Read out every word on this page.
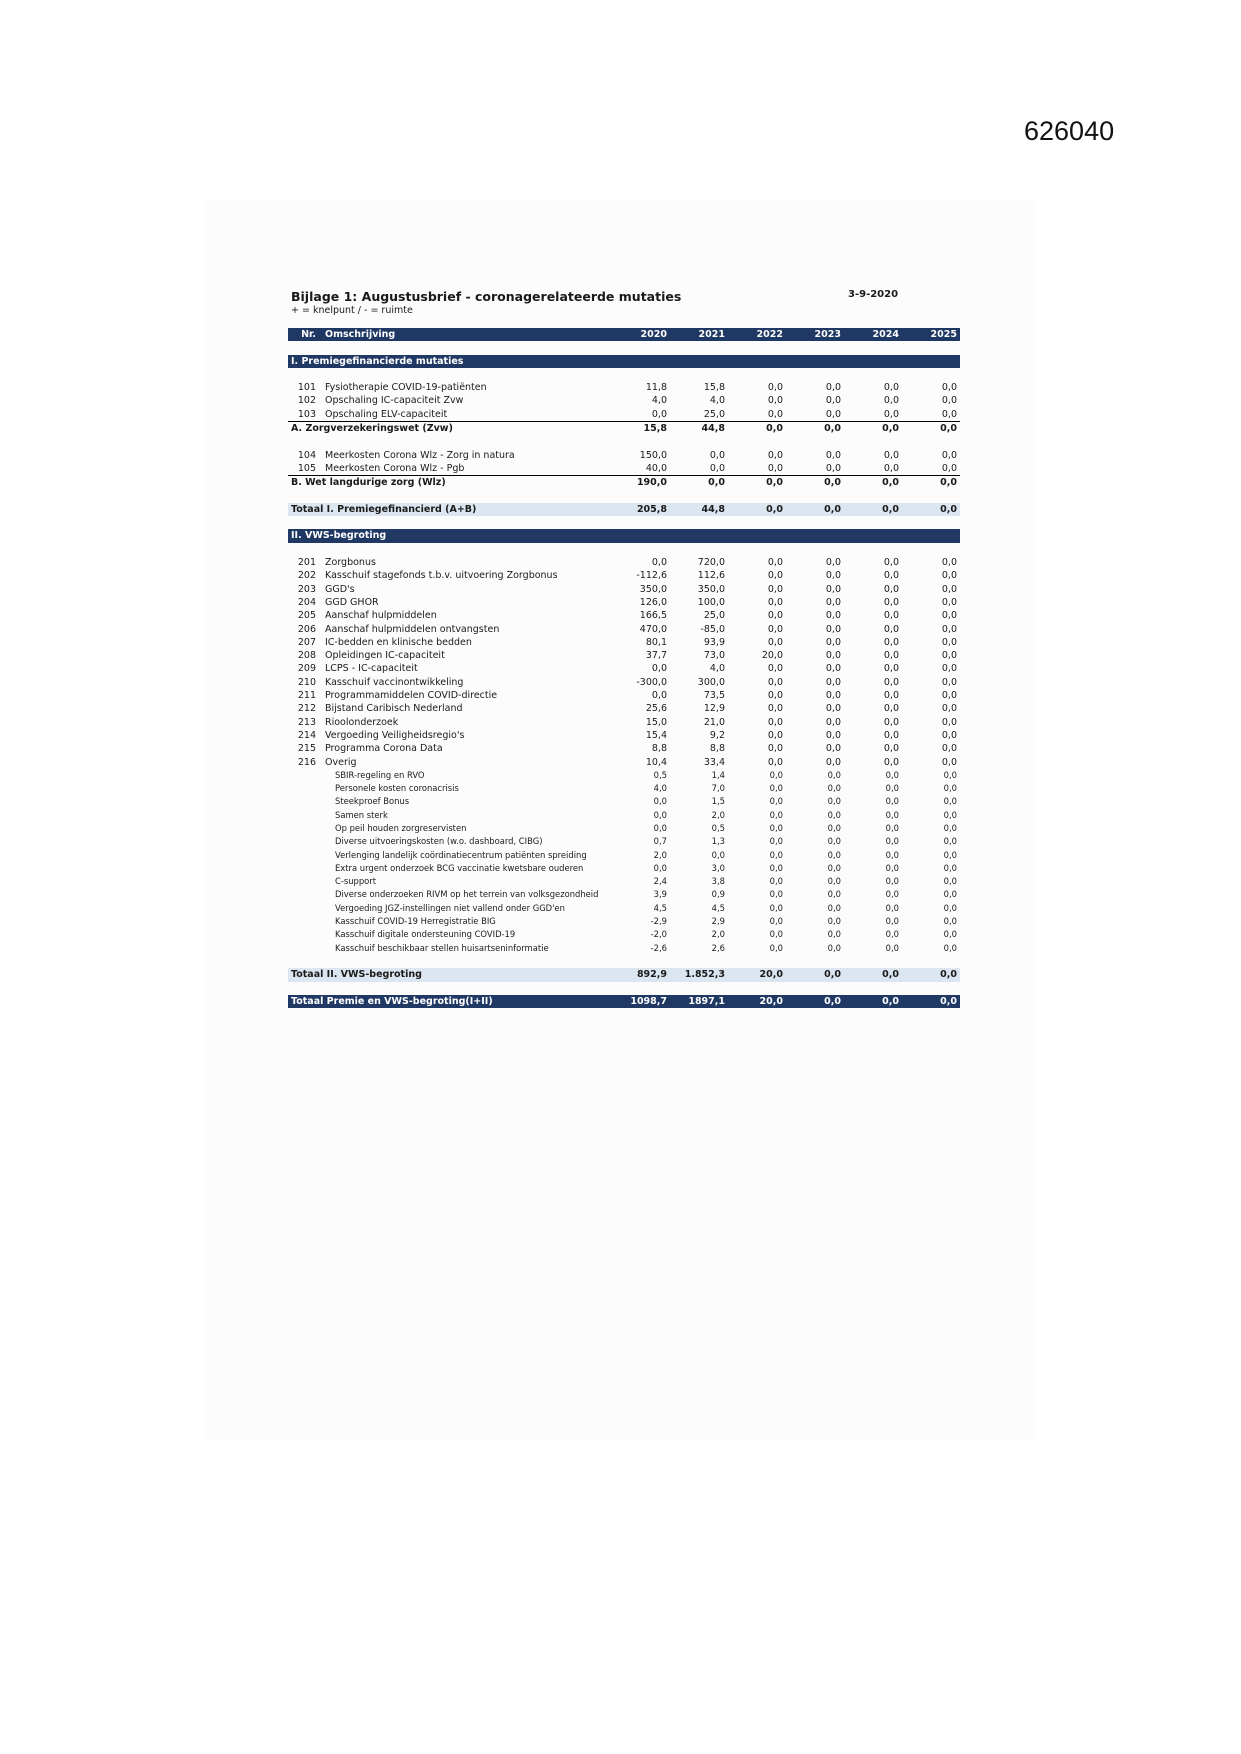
626040
Bijlage 1: Augustusbrief - coronagerelateerde mutaties	3-9-2020
+ = knelpunt / - = ruimte
Nr.	Omschrijving	2020	2021	2022	2023	2024	2025

I. Premiegefinancierde mutaties							

101	Fysiotherapie COVID-19-patiënten	11,8	15,8	0,0	0,0	0,0	0,0
102	Opschaling IC-capaciteit Zvw	4,0	4,0	0,0	0,0	0,0	0,0
103	Opschaling ELV-capaciteit	0,0	25,0	0,0	0,0	0,0	0,0
A. Zorgverzekeringswet (Zvw)		15,8	44,8	0,0	0,0	0,0	0,0

104	Meerkosten Corona Wlz - Zorg in natura	150,0	0,0	0,0	0,0	0,0	0,0
105	Meerkosten Corona Wlz - Pgb	40,0	0,0	0,0	0,0	0,0	0,0
B. Wet langdurige zorg (Wlz)		190,0	0,0	0,0	0,0	0,0	0,0

Totaal I. Premiegefinancierd (A+B)		205,8	44,8	0,0	0,0	0,0	0,0

II. VWS-begroting							

201	Zorgbonus	0,0	720,0	0,0	0,0	0,0	0,0
202	Kasschuif stagefonds t.b.v. uitvoering Zorgbonus	-112,6	112,6	0,0	0,0	0,0	0,0
203	GGD's	350,0	350,0	0,0	0,0	0,0	0,0
204	GGD GHOR	126,0	100,0	0,0	0,0	0,0	0,0
205	Aanschaf hulpmiddelen	166,5	25,0	0,0	0,0	0,0	0,0
206	Aanschaf hulpmiddelen ontvangsten	470,0	-85,0	0,0	0,0	0,0	0,0
207	IC-bedden en klinische bedden	80,1	93,9	0,0	0,0	0,0	0,0
208	Opleidingen IC-capaciteit	37,7	73,0	20,0	0,0	0,0	0,0
209	LCPS - IC-capaciteit	0,0	4,0	0,0	0,0	0,0	0,0
210	Kasschuif vaccinontwikkeling	-300,0	300,0	0,0	0,0	0,0	0,0
211	Programmamiddelen COVID-directie	0,0	73,5	0,0	0,0	0,0	0,0
212	Bijstand Caribisch Nederland	25,6	12,9	0,0	0,0	0,0	0,0
213	Rioolonderzoek	15,0	21,0	0,0	0,0	0,0	0,0
214	Vergoeding Veiligheidsregio's	15,4	9,2	0,0	0,0	0,0	0,0
215	Programma Corona Data	8,8	8,8	0,0	0,0	0,0	0,0
216	Overig	10,4	33,4	0,0	0,0	0,0	0,0
	SBIR-regeling en RVO	0,5	1,4	0,0	0,0	0,0	0,0
	Personele kosten coronacrisis	4,0	7,0	0,0	0,0	0,0	0,0
	Steekproef Bonus	0,0	1,5	0,0	0,0	0,0	0,0
	Samen sterk	0,0	2,0	0,0	0,0	0,0	0,0
	Op peil houden zorgreservisten	0,0	0,5	0,0	0,0	0,0	0,0
	Diverse uitvoeringskosten (w.o. dashboard, CIBG)	0,7	1,3	0,0	0,0	0,0	0,0
	Verlenging landelijk coördinatiecentrum patiënten spreiding	2,0	0,0	0,0	0,0	0,0	0,0
	Extra urgent onderzoek BCG vaccinatie kwetsbare ouderen	0,0	3,0	0,0	0,0	0,0	0,0
	C-support	2,4	3,8	0,0	0,0	0,0	0,0
	Diverse onderzoeken RIVM op het terrein van volksgezondheid	3,9	0,9	0,0	0,0	0,0	0,0
	Vergoeding JGZ-instellingen niet vallend onder GGD'en	4,5	4,5	0,0	0,0	0,0	0,0
	Kasschuif COVID-19 Herregistratie BIG	-2,9	2,9	0,0	0,0	0,0	0,0
	Kasschuif digitale ondersteuning COVID-19	-2,0	2,0	0,0	0,0	0,0	0,0
	Kasschuif beschikbaar stellen huisartseninformatie	-2,6	2,6	0,0	0,0	0,0	0,0

Totaal II. VWS-begroting		892,9	1.852,3	20,0	0,0	0,0	0,0

Totaal Premie en VWS-begroting(I+II)		1098,7	1897,1	20,0	0,0	0,0	0,0
